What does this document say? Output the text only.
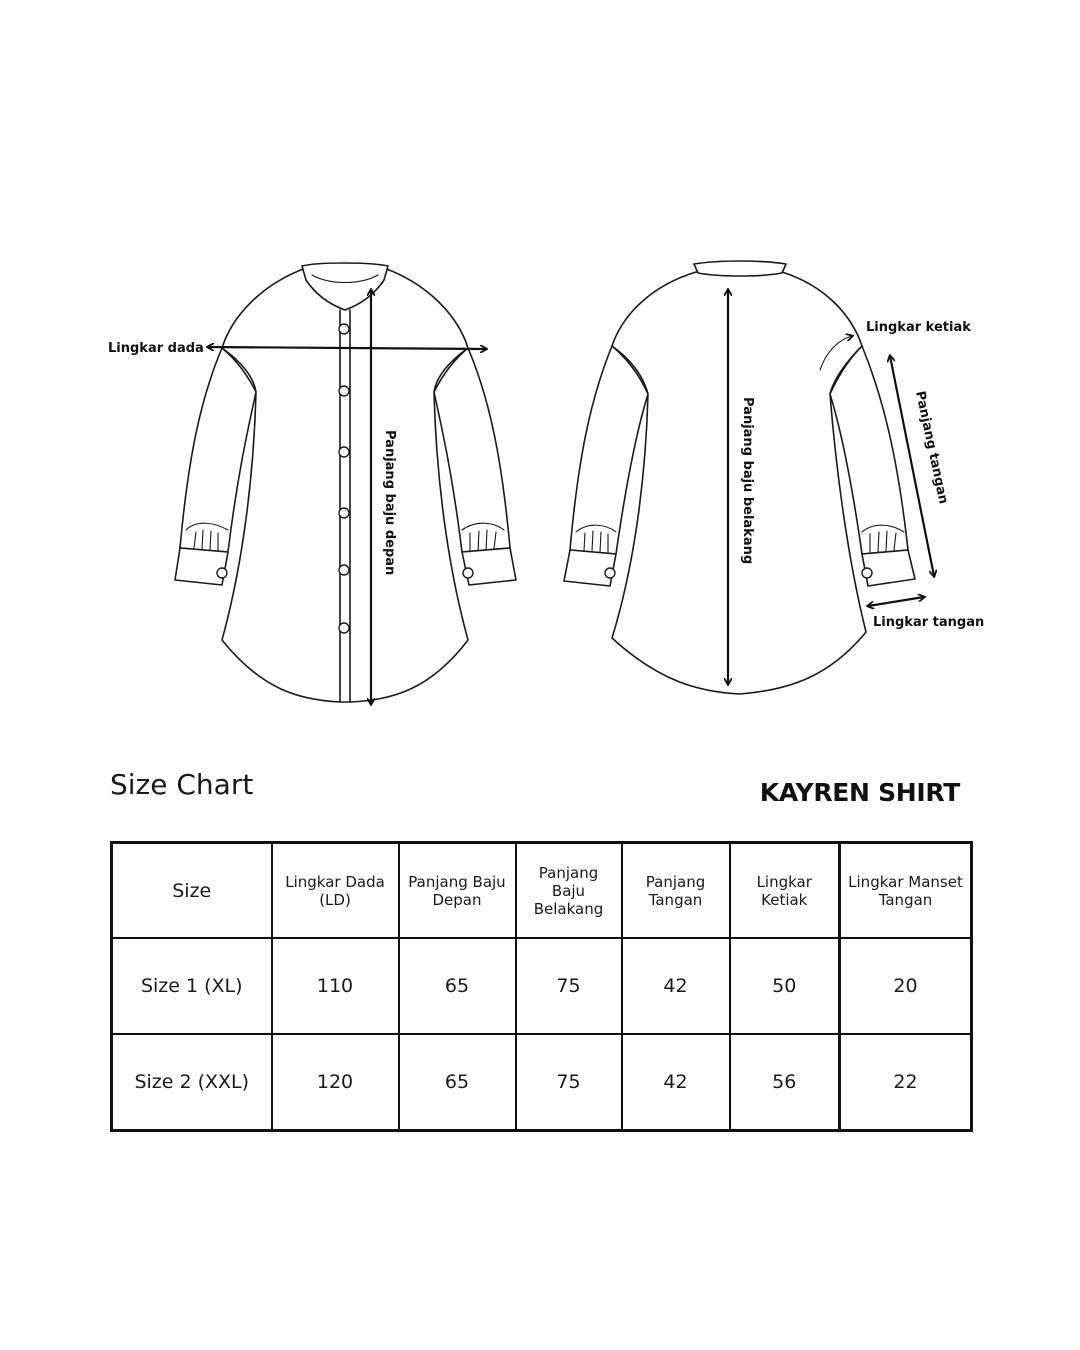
Lingkar dada
Panjang baju depan
Lingkar ketiak
Panjang tangan
Lingkar tangan
Panjang baju belakang
Size Chart	KAYREN SHIRT
Size	Lingkar Dada (LD)	Panjang Baju Depan	Panjang Baju Belakang	Panjang Tangan	Lingkar Ketiak	Lingkar Manset Tangan
Size 1 (XL)	110	65	75	42	50	20
Size 2 (XXL)	120	65	75	42	56	22
